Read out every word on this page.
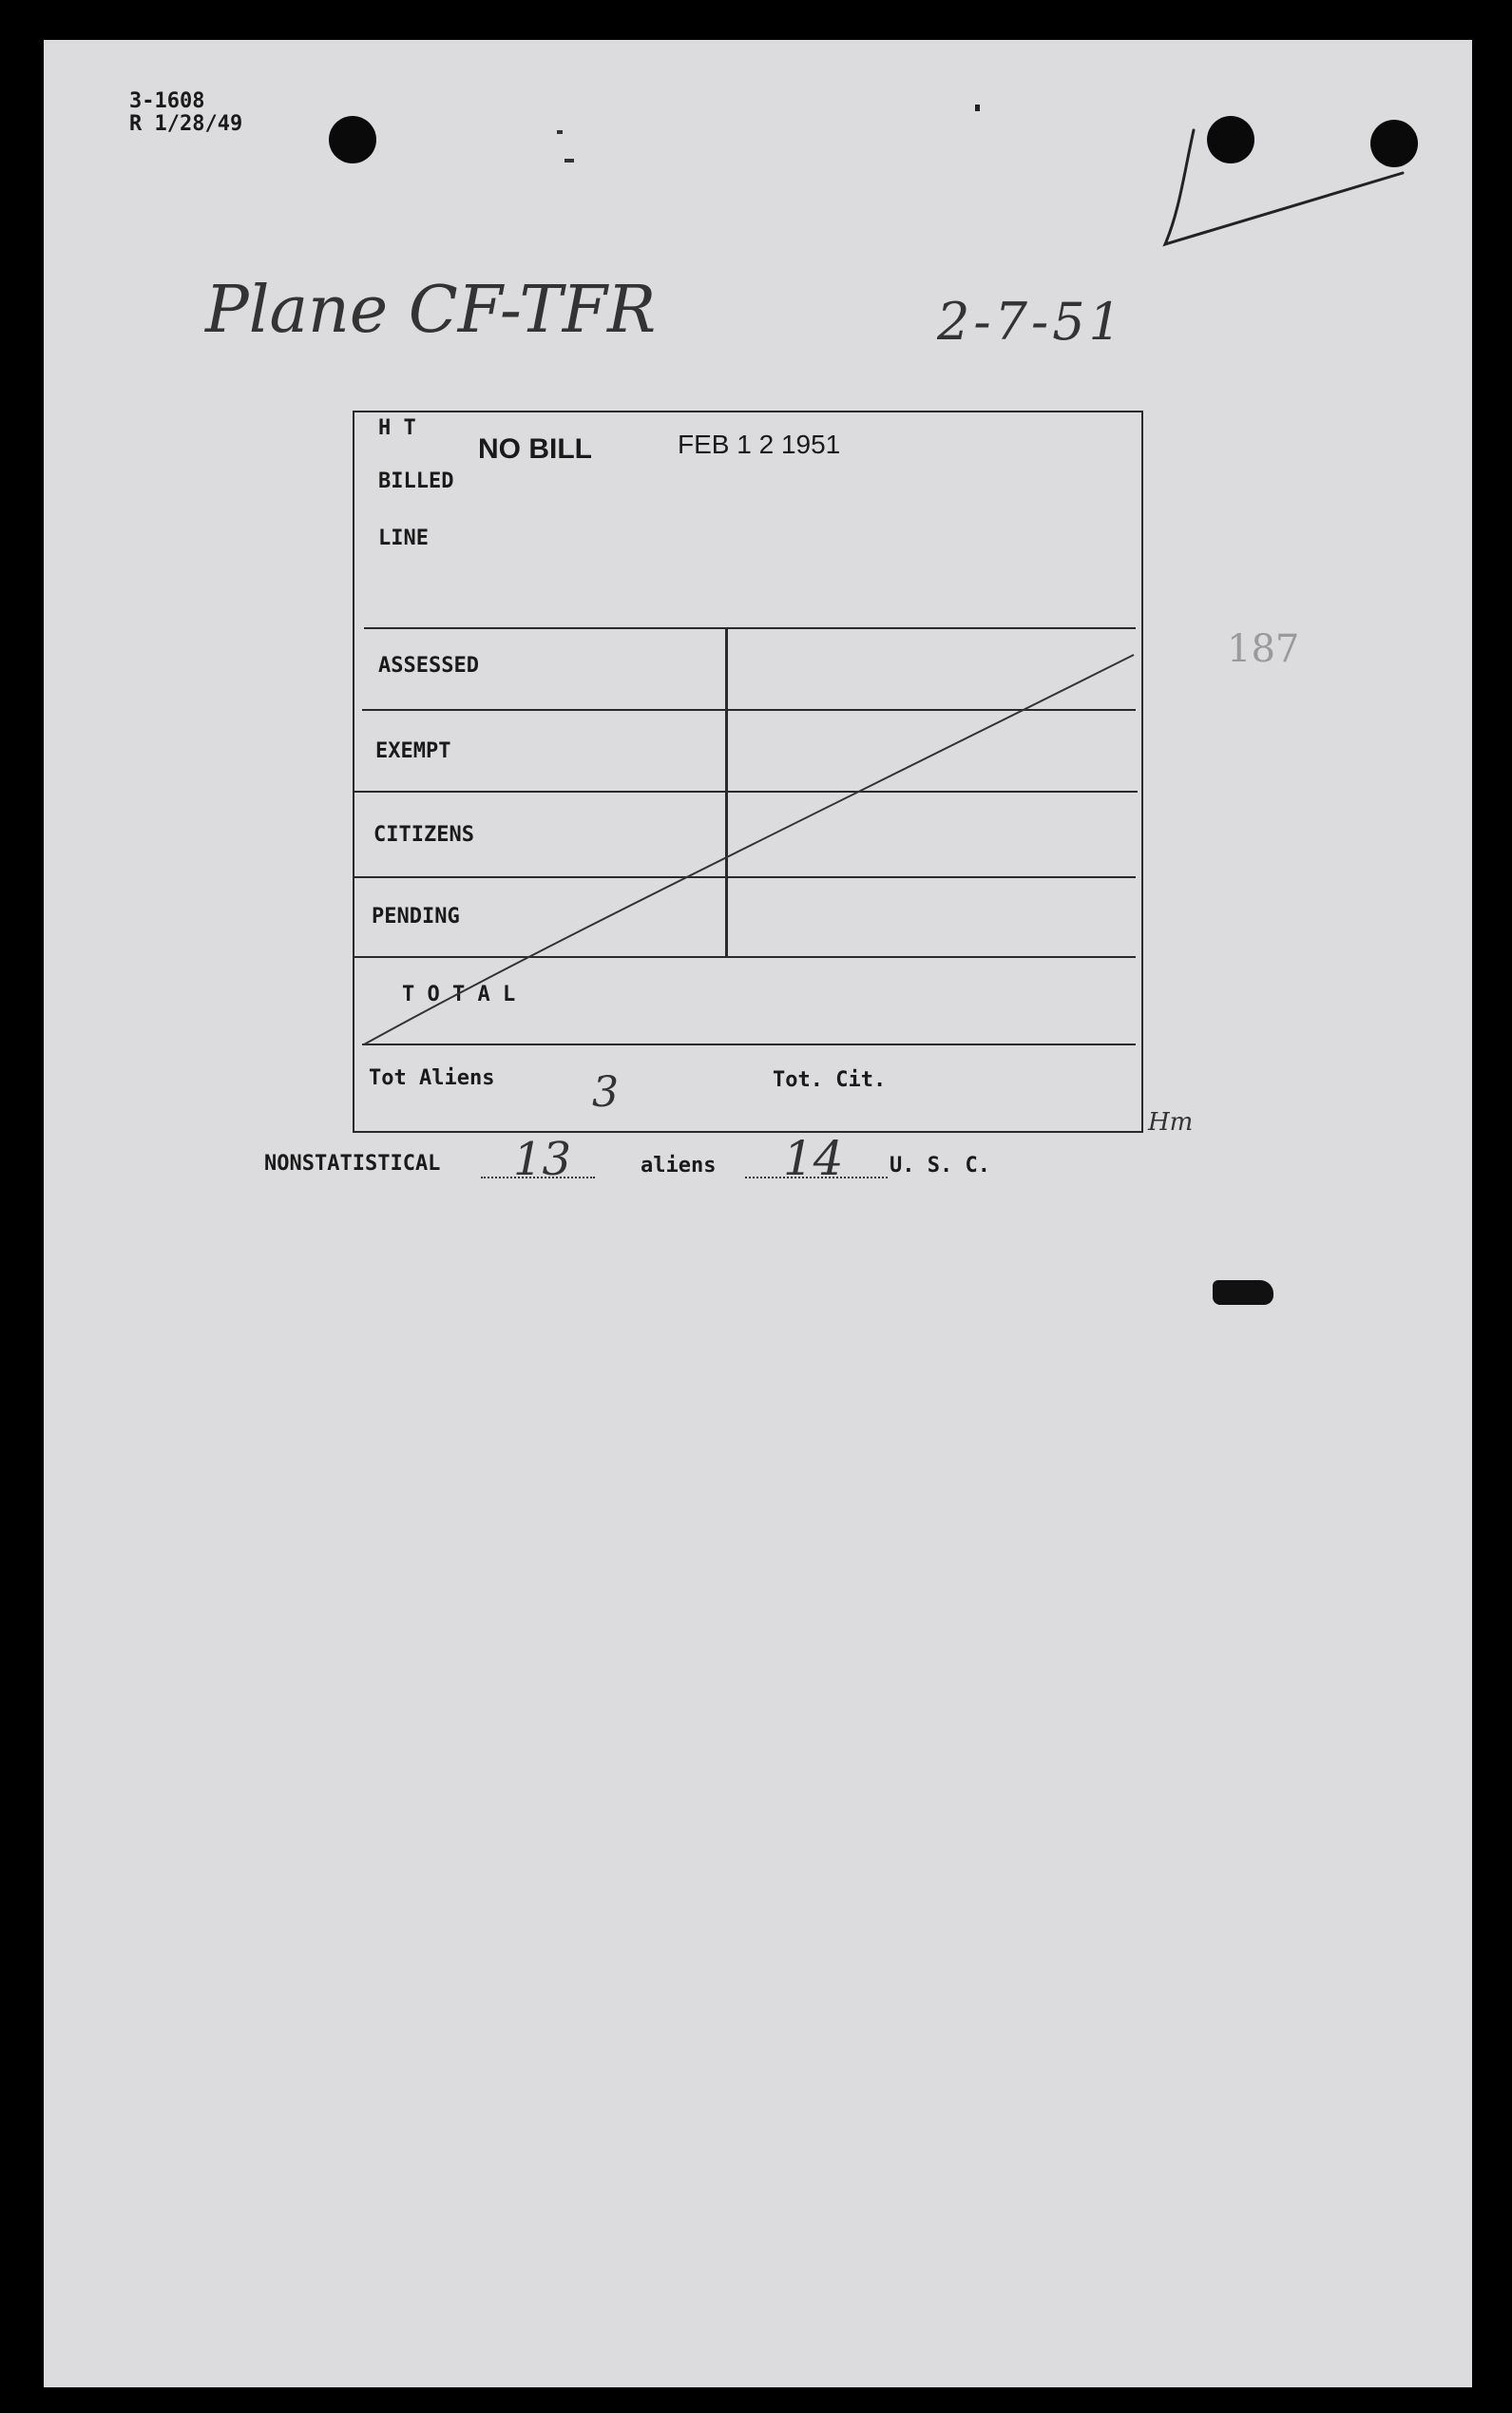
3-1608
R 1/28/49
Plane CF-TFR	2-7-51
187
H T
BILLED
LINE
NO BILL	FEB 1 2 1951
ASSESSED
EXEMPT
CITIZENS
PENDING
T O T A L
Tot Aliens 3	Tot. Cit.
Hm
NONSTATISTICAL 13	aliens 14 U. S. C.
